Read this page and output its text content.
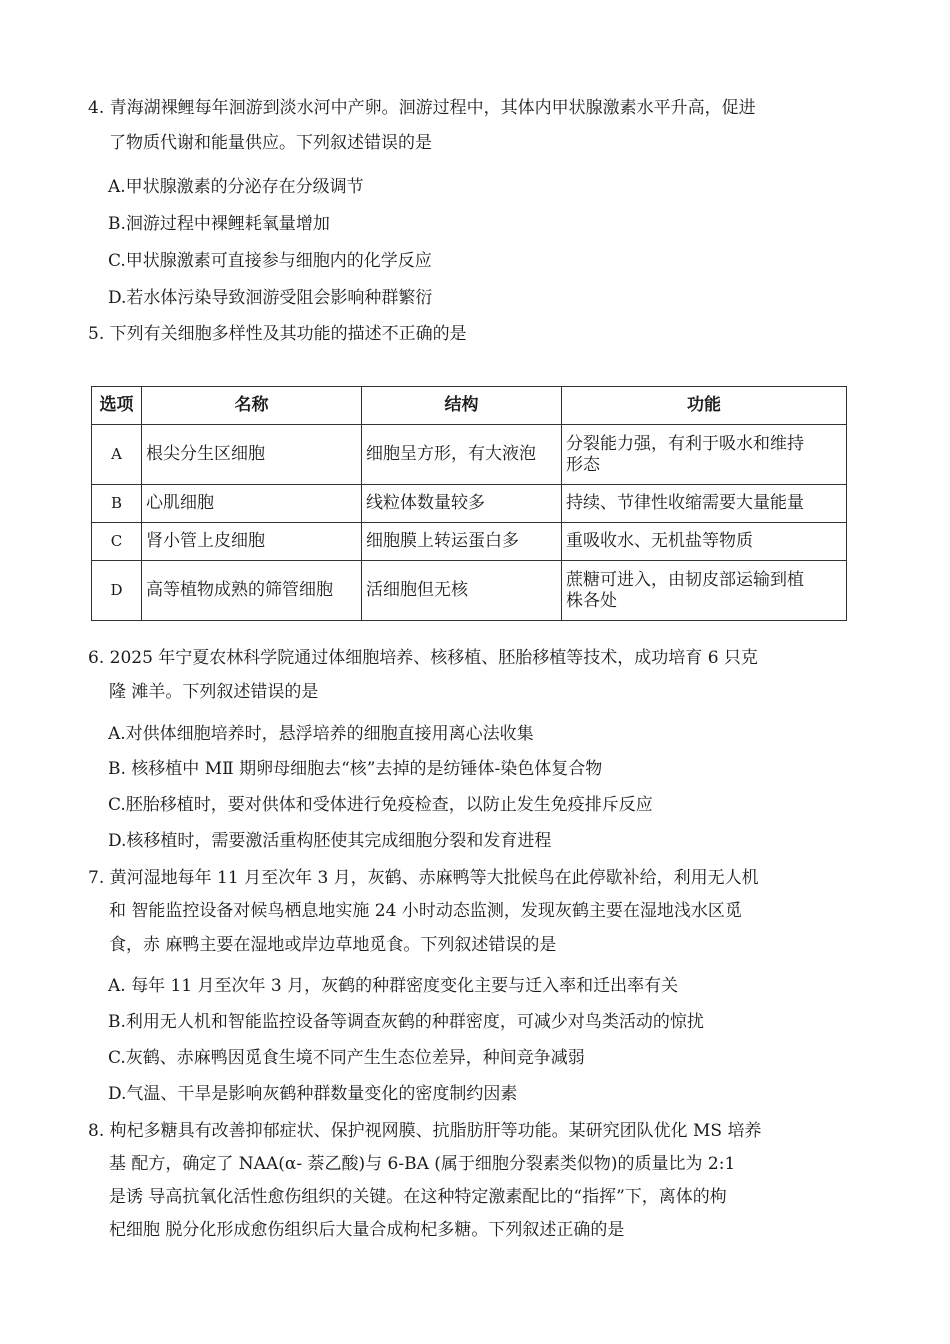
4. 青海湖裸鲤每年洄游到淡水河中产卵。洄游过程中，其体内甲状腺激素水平升高，促进
了物质代谢和能量供应。下列叙述错误的是
A.甲状腺激素的分泌存在分级调节
B.洄游过程中裸鲤耗氧量增加
C.甲状腺激素可直接参与细胞内的化学反应
D.若水体污染导致洄游受阻会影响种群繁衍
5. 下列有关细胞多样性及其功能的描述不正确的是
选项	名称	结构	功能
A	根尖分生区细胞	细胞呈方形，有大液泡	分裂能力强，有利于吸水和维持
形态

B	心肌细胞	线粒体数量较多	持续、节律性收缩需要大量能量
C	肾小管上皮细胞	细胞膜上转运蛋白多	重吸收水、无机盐等物质
D	高等植物成熟的筛管细胞	活细胞但无核	蔗糖可进入，由韧皮部运输到植
株各处
6. 2025 年宁夏农林科学院通过体细胞培养、核移植、胚胎移植等技术，成功培育 6 只克
隆 滩羊。下列叙述错误的是
A.对供体细胞培养时，悬浮培养的细胞直接用离心法收集
B. 核移植中 MⅡ 期卵母细胞去“核”去掉的是纺锤体-染色体复合物
C.胚胎移植时，要对供体和受体进行免疫检查，以防止发生免疫排斥反应
D.核移植时，需要激活重构胚使其完成细胞分裂和发育进程
7. 黄河湿地每年 11 月至次年 3 月，灰鹤、赤麻鸭等大批候鸟在此停歇补给，利用无人机
和 智能监控设备对候鸟栖息地实施 24 小时动态监测，发现灰鹤主要在湿地浅水区觅
食，赤 麻鸭主要在湿地或岸边草地觅食。下列叙述错误的是
A. 每年 11 月至次年 3 月，灰鹤的种群密度变化主要与迁入率和迁出率有关
B.利用无人机和智能监控设备等调查灰鹤的种群密度，可减少对鸟类活动的惊扰
C.灰鹤、赤麻鸭因觅食生境不同产生生态位差异，种间竞争减弱
D.气温、干旱是影响灰鹤种群数量变化的密度制约因素
8. 枸杞多糖具有改善抑郁症状、保护视网膜、抗脂肪肝等功能。某研究团队优化 MS 培养
基 配方，确定了 NAA(α- 萘乙酸)与 6-BA (属于细胞分裂素类似物)的质量比为 2:1
是诱 导高抗氧化活性愈伤组织的关键。在这种特定激素配比的“指挥”下，离体的枸
杞细胞 脱分化形成愈伤组织后大量合成枸杞多糖。下列叙述正确的是
